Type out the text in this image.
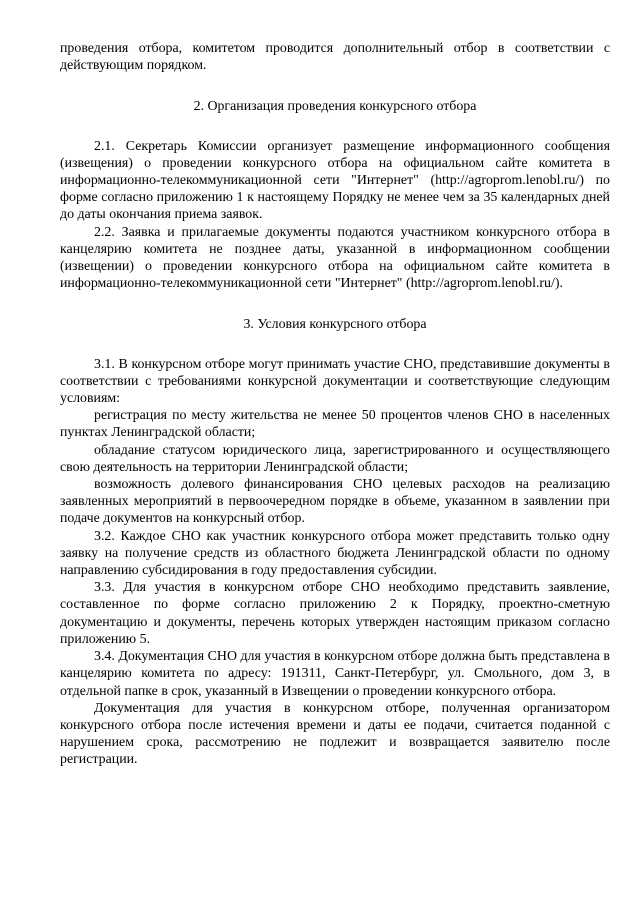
проведения отбора, комитетом проводится дополнительный отбор в соответствии с действующим порядком.

2. Организация проведения конкурсного отбора

2.1. Секретарь Комиссии организует размещение информационного сообщения (извещения) о проведении конкурсного отбора на официальном сайте комитета в информационно-телекоммуникационной сети "Интернет" (http://agroprom.lenobl.ru/) по форме согласно приложению 1 к настоящему Порядку не менее чем за 35 календарных дней до даты окончания приема заявок.

2.2. Заявка и прилагаемые документы подаются участником конкурсного отбора в канцелярию комитета не позднее даты, указанной в информационном сообщении (извещении) о проведении конкурсного отбора на официальном сайте комитета в информационно-телекоммуникационной сети "Интернет" (http://agroprom.lenobl.ru/).

3. Условия конкурсного отбора

3.1. В конкурсном отборе могут принимать участие СНО, представившие документы в соответствии с требованиями конкурсной документации и соответствующие следующим условиям:

регистрация по месту жительства не менее 50 процентов членов СНО в населенных пунктах Ленинградской области;

обладание статусом юридического лица, зарегистрированного и осуществляющего свою деятельность на территории Ленинградской области;

возможность долевого финансирования СНО целевых расходов на реализацию заявленных мероприятий в первоочередном порядке в объеме, указанном в заявлении при подаче документов на конкурсный отбор.

3.2. Каждое СНО как участник конкурсного отбора может представить только одну заявку на получение средств из областного бюджета Ленинградской области по одному направлению субсидирования в году предоставления субсидии.

3.3. Для участия в конкурсном отборе СНО необходимо представить заявление, составленное по форме согласно приложению 2 к Порядку, проектно-сметную документацию и документы, перечень которых утвержден настоящим приказом согласно приложению 5.

3.4. Документация СНО для участия в конкурсном отборе должна быть представлена в канцелярию комитета по адресу: 191311, Санкт-Петербург, ул. Смольного, дом 3, в отдельной папке в срок, указанный в Извещении о проведении конкурсного отбора.

Документация для участия в конкурсном отборе, полученная организатором конкурсного отбора после истечения времени и даты ее подачи, считается поданной с нарушением срока, рассмотрению не подлежит и возвращается заявителю после регистрации.
